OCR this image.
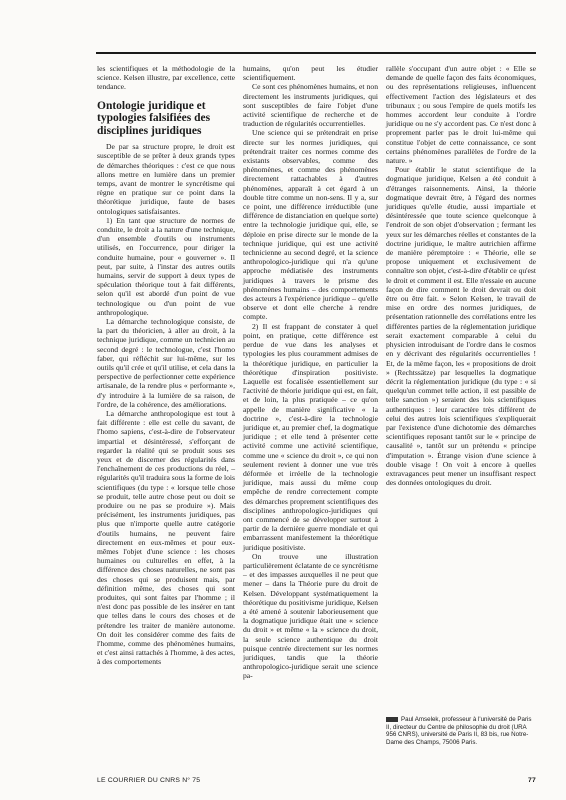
les scientifiques et la méthodologie de la science. Kelsen illustre, par excellence, cette tendance.

Ontologie juridique et typologies falsifiées des disciplines juridiques

De par sa structure propre, le droit est susceptible de se prêter à deux grands types de démarches théoriques : c'est ce que nous allons mettre en lumière dans un premier temps, avant de montrer le syncrétisme qui règne en pratique sur ce point dans la théorétique juridique, faute de bases ontologiques satisfaisantes.

1) En tant que structure de normes de conduite, le droit a la nature d'une technique, d'un ensemble d'outils ou instruments utilisés, en l'occurrence, pour diriger la conduite humaine, pour « gouverner ». Il peut, par suite, à l'instar des autres outils humains, servir de support à deux types de spéculation théorique tout à fait différents, selon qu'il est abordé d'un point de vue technologique ou d'un point de vue anthropologique.

La démarche technologique consiste, de la part du théoricien, à aller au droit, à la technique juridique, comme un technicien au second degré : le technologue, c'est l'homo faber, qui réfléchit sur lui-même, sur les outils qu'il crée et qu'il utilise, et cela dans la perspective de perfectionner cette expérience artisanale, de la rendre plus « performante », d'y introduire à la lumière de sa raison, de l'ordre, de la cohérence, des améliorations.

La démarche anthropologique est tout à fait différente : elle est celle du savant, de l'homo sapiens, c'est-à-dire de l'observateur impartial et désintéressé, s'efforçant de regarder la réalité qui se produit sous ses yeux et de discerner des régularités dans l'enchaînement de ces productions du réel, – régularités qu'il traduira sous la forme de lois scientifiques (du type : « lorsque telle chose se produit, telle autre chose peut ou doit se produire ou ne pas se produire »). Mais précisément, les instruments juridiques, pas plus que n'importe quelle autre catégorie d'outils humains, ne peuvent faire directement en eux-mêmes et pour eux-mêmes l'objet d'une science : les choses humaines ou culturelles en effet, à la différence des choses naturelles, ne sont pas des choses qui se produisent mais, par définition même, des choses qui sont produites, qui sont faites par l'homme ; il n'est donc pas possible de les insérer en tant que telles dans le cours des choses et de prétendre les traiter de manière autonome. On doit les considérer comme des faits de l'homme, comme des phénomènes humains, et c'est ainsi rattachés à l'homme, à des actes, à des comportements

humains, qu'on peut les étudier scientifiquement.

Ce sont ces phénomènes humains, et non directement les instruments juridiques, qui sont susceptibles de faire l'objet d'une activité scientifique de recherche et de traduction de régularités occurrentielles.

Une science qui se prétendrait en prise directe sur les normes juridiques, qui prétendrait traiter ces normes comme des existants observables, comme des phénomènes, et comme des phénomènes directement rattachables à d'autres phénomènes, apparaît à cet égard à un double titre comme un non-sens. Il y a, sur ce point, une différence irréductible (une différence de distanciation en quelque sorte) entre la technologie juridique qui, elle, se déploie en prise directe sur le monde de la technique juridique, qui est une activité technicienne au second degré, et la science anthropologico-juridique qui n'a qu'une approche médiatisée des instruments juridiques à travers le prisme des phénomènes humains – des comportements des acteurs à l'expérience juridique – qu'elle observe et dont elle cherche à rendre compte.

2) Il est frappant de constater à quel point, en pratique, cette différence est perdue de vue dans les analyses et typologies les plus couramment admises de la théorétique juridique, en particulier la théorétique d'inspiration positiviste. Laquelle est focalisée essentiellement sur l'activité de théorie juridique qui est, en fait, et de loin, la plus pratiquée – ce qu'on appelle de manière significative « la doctrine », c'est-à-dire la technologie juridique et, au premier chef, la dogmatique juridique ; et elle tend à présenter cette activité comme une activité scientifique, comme une « science du droit », ce qui non seulement revient à donner une vue très déformée et irréelle de la technologie juridique, mais aussi du même coup empêche de rendre correctement compte des démarches proprement scientifiques des disciplines anthropologico-juridiques qui ont commencé de se développer surtout à partir de la dernière guerre mondiale et qui embarrassent manifestement la théorétique juridique positiviste.

On trouve une illustration particulièrement éclatante de ce syncrétisme – et des impasses auxquelles il ne peut que mener – dans la Théorie pure du droit de Kelsen. Développant systématiquement la théorétique du positivisme juridique, Kelsen a été amené à soutenir laborieusement que la dogmatique juridique était une « science du droit » et même « la » science du droit, la seule science authentique du droit puisque centrée directement sur les normes juridiques, tandis que la théorie anthropologico-juridique serait une science pa-

rallèle s'occupant d'un autre objet : « Elle se demande de quelle façon des faits économiques, ou des représentations religieuses, influencent effectivement l'action des législateurs et des tribunaux ; ou sous l'empire de quels motifs les hommes accordent leur conduite à l'ordre juridique ou ne s'y accordent pas. Ce n'est donc à proprement parler pas le droit lui-même qui constitue l'objet de cette connaissance, ce sont certains phénomènes parallèles de l'ordre de la nature. »

Pour établir le statut scientifique de la dogmatique juridique, Kelsen a été conduit à d'étranges raisonnements. Ainsi, la théorie dogmatique devrait être, à l'égard des normes juridiques qu'elle étudie, aussi impartiale et désintéressée que toute science quelconque à l'endroit de son objet d'observation ; fermant les yeux sur les démarches réelles et constantes de la doctrine juridique, le maître autrichien affirme de manière péremptoire : « Théorie, elle se propose uniquement et exclusivement de connaître son objet, c'est-à-dire d'établir ce qu'est le droit et comment il est. Elle n'essaie en aucune façon de dire comment le droit devrait ou doit être ou être fait. » Selon Kelsen, le travail de mise en ordre des normes juridiques, de présentation rationnelle des corrélations entre les différentes parties de la réglementation juridique serait exactement comparable à celui du physicien introduisant de l'ordre dans le cosmos en y décrivant des régularités occurrentielles ! Et, de la même façon, les « propositions de droit » (Rechtssätze) par lesquelles la dogmatique décrit la réglementation juridique (du type : « si quelqu'un commet telle action, il est passible de telle sanction ») seraient des lois scientifiques authentiques : leur caractère très différent de celui des autres lois scientifiques s'expliquerait par l'existence d'une dichotomie des démarches scientifiques reposant tantôt sur le « principe de causalité », tantôt sur un prétendu « principe d'imputation ». Étrange vision d'une science à double visage ! On voit à encore à quelles extravagances peut mener un insuffisant respect des données ontologiques du droit.

Paul Amselek, professeur à l'université de Paris II, directeur du Centre de philosophie du droit (URA 956 CNRS), université de Paris II, 83 bis, rue Notre-Dame des Champs, 75006 Paris.
LE COURRIER DU CNRS N° 75	77
